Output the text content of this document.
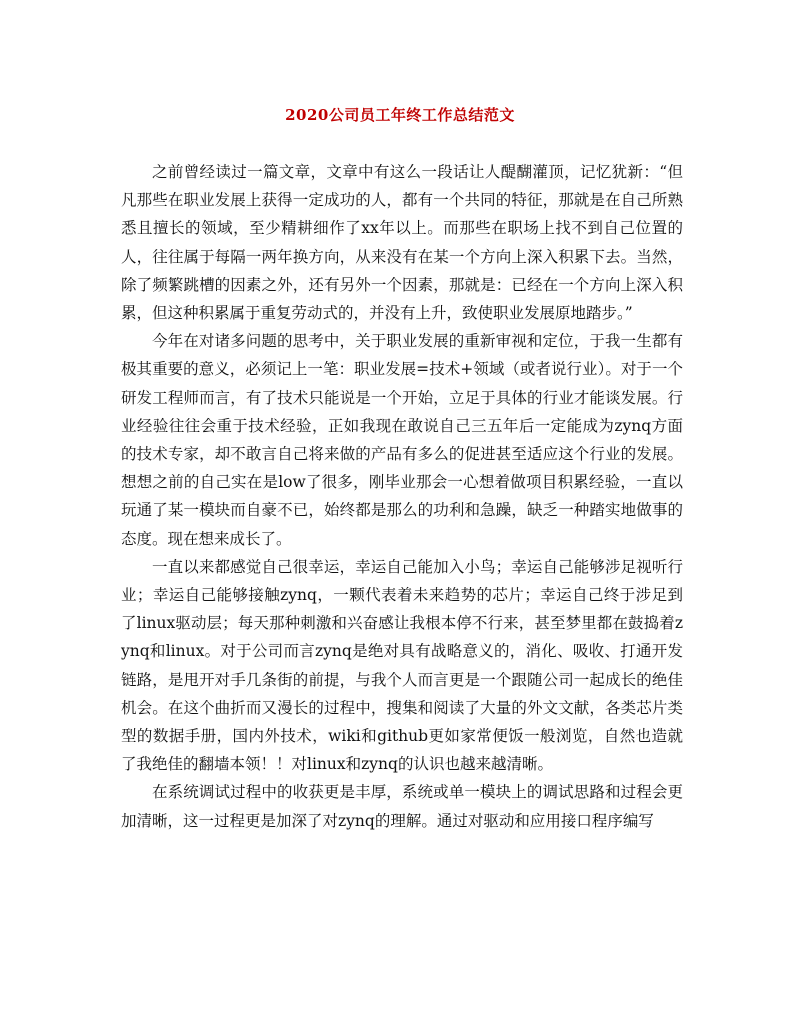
2020公司员工年终工作总结范文

之前曾经读过一篇文章，文章中有这么一段话让人醍醐灌顶，记忆犹新：“但凡那些在职业发展上获得一定成功的人，都有一个共同的特征，那就是在自己所熟悉且擅长的领域，至少精耕细作了xx年以上。而那些在职场上找不到自己位置的人，往往属于每隔一两年换方向，从来没有在某一个方向上深入积累下去。当然，除了频繁跳槽的因素之外，还有另外一个因素，那就是：已经在一个方向上深入积累，但这种积累属于重复劳动式的，并没有上升，致使职业发展原地踏步。”

今年在对诸多问题的思考中，关于职业发展的重新审视和定位，于我一生都有极其重要的意义，必须记上一笔：职业发展=技术+领域（或者说行业）。对于一个研发工程师而言，有了技术只能说是一个开始，立足于具体的行业才能谈发展。行业经验往往会重于技术经验，正如我现在敢说自己三五年后一定能成为zynq方面的技术专家，却不敢言自己将来做的产品有多么的促进甚至适应这个行业的发展。想想之前的自己实在是low了很多，刚毕业那会一心想着做项目积累经验，一直以玩通了某一模块而自豪不已，始终都是那么的功利和急躁，缺乏一种踏实地做事的态度。现在想来成长了。

一直以来都感觉自己很幸运，幸运自己能加入小鸟；幸运自己能够涉足视听行业；幸运自己能够接触zynq，一颗代表着未来趋势的芯片；幸运自己终于涉足到了linux驱动层；每天那种刺激和兴奋感让我根本停不行来，甚至梦里都在鼓捣着zynq和linux。对于公司而言zynq是绝对具有战略意义的，消化、吸收、打通开发链路，是甩开对手几条街的前提，与我个人而言更是一个跟随公司一起成长的绝佳机会。在这个曲折而又漫长的过程中，搜集和阅读了大量的外文文献，各类芯片类型的数据手册，国内外技术，wiki和github更如家常便饭一般浏览，自然也造就了我绝佳的翻墙本领！！对linux和zynq的认识也越来越清晰。

在系统调试过程中的收获更是丰厚，系统或单一模块上的调试思路和过程会更加清晰，这一过程更是加深了对zynq的理解。通过对驱动和应用接口程序编写
